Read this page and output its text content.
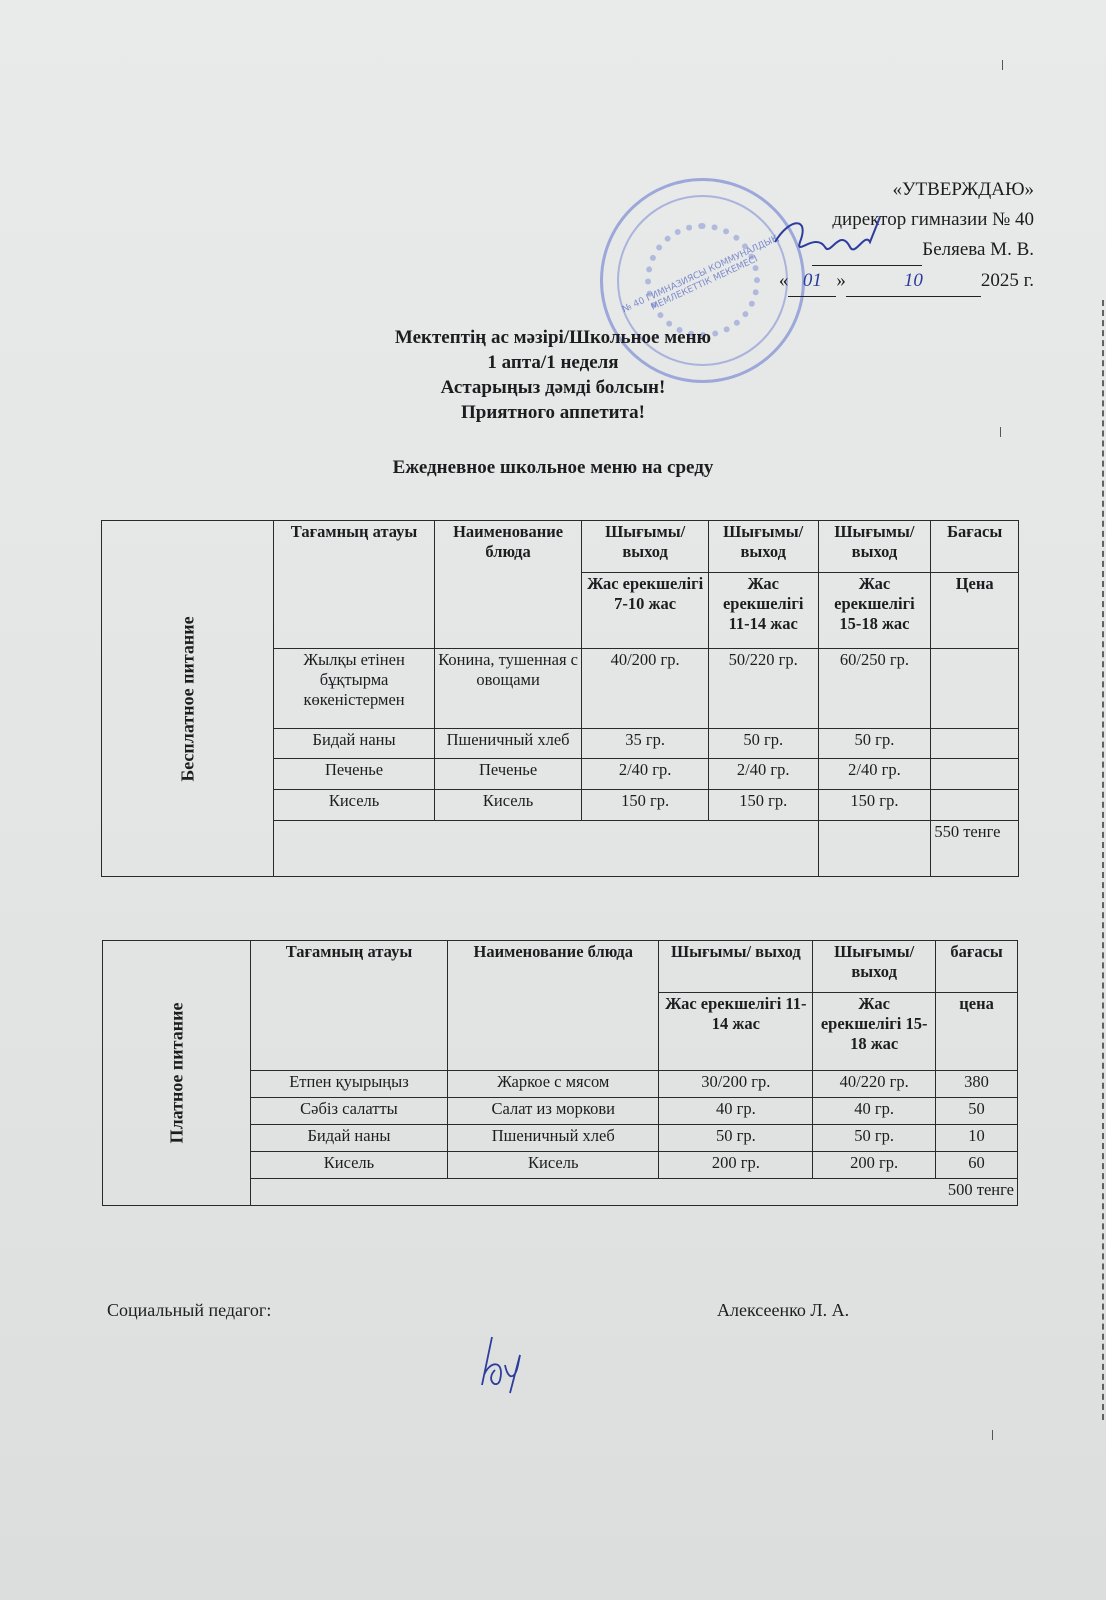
№ 40 ГИМНАЗИЯСЫ КОММУНАЛДЫҚ МЕМЛЕКЕТТІК МЕКЕМЕСІ
«УТВЕРЖДАЮ»
директор гимназии № 40
Беляева М. В.
« 01 »	10	2025 г.
Мектептің ас мәзірі/Школьное меню
1 апта/1 неделя
Астарыңыз дәмді болсын!
Приятного аппетита!
Ежедневное школьное меню на среду
Бесплатное питание	Тағамның атауы	Наименование блюда	Шығымы/ выход	Шығымы/ выход	Шығымы/ выход	Бағасы
			Жас ерекшелігі 7-10 жас	Жас ерекшелігі 11-14 жас	Жас ерекшелігі 15-18 жас	Цена
	Жылқы етінен бұқтырма көкеністермен	Конина, тушенная с овощами	40/200 гр.	50/220 гр.	60/250 гр.	
	Бидай наны	Пшеничный хлеб	35 гр.	50 гр.	50 гр.	
	Печенье	Печенье	2/40 гр.	2/40 гр.	2/40 гр.	
	Кисель	Кисель	150 гр.	150 гр.	150 гр.	
						550 тенге
Платное питание	Тағамның атауы	Наименование блюда	Шығымы/ выход	Шығымы/ выход	бағасы
			Жас ерекшелігі 11-14 жас	Жас ерекшелігі 15-18 жас	цена
	Етпен қуырыңыз	Жаркое с мясом	30/200 гр.	40/220 гр.	380
	Сәбіз салатты	Салат из моркови	40 гр.	40 гр.	50
	Бидай наны	Пшеничный хлеб	50 гр.	50 гр.	10
	Кисель	Кисель	200 гр.	200 гр.	60
	500 тенге				
Социальный педагог:	Алексеенко Л. А.
